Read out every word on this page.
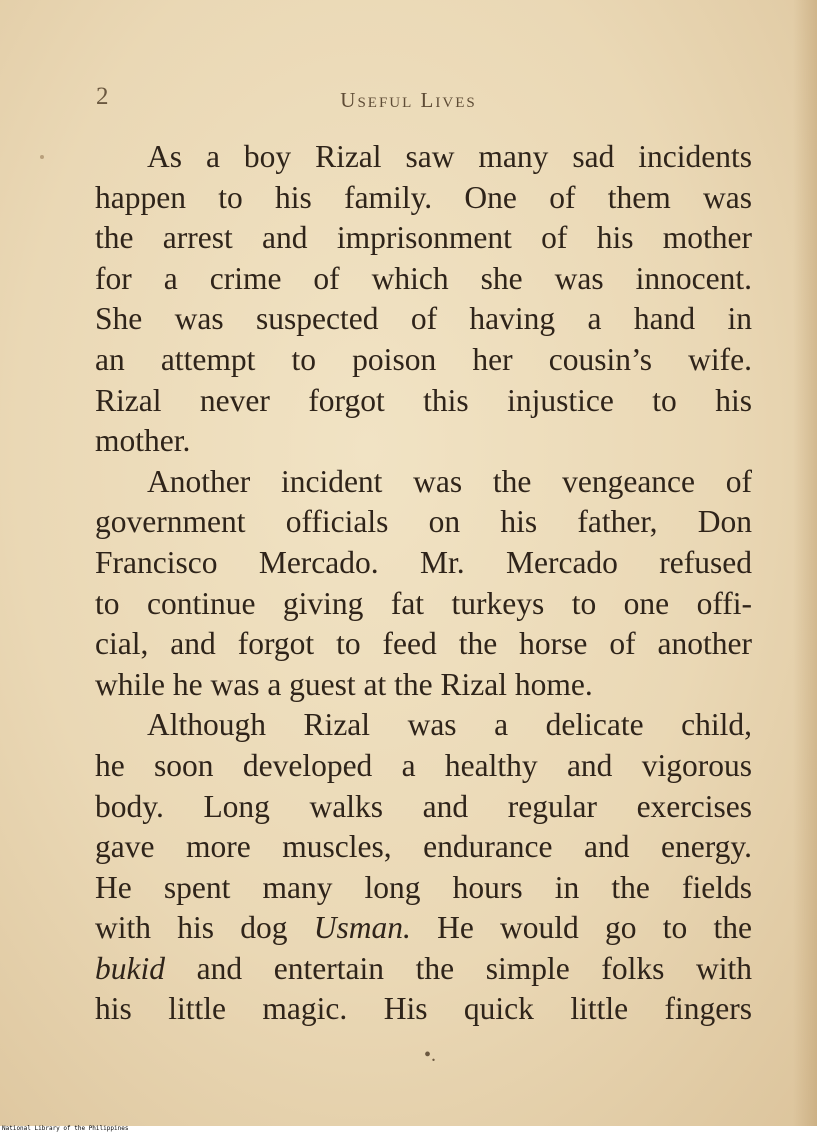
2	Useful Lives
As a boy Rizal saw many sad incidents
happen to his family. One of them was
the arrest and imprisonment of his mother
for a crime of which she was innocent.
She was suspected of having a hand in
an attempt to poison her cousin’s wife.
Rizal never forgot this injustice to his
mother.
Another incident was the vengeance of
government officials on his father, Don
Francisco Mercado. Mr. Mercado refused
to continue giving fat turkeys to one offi-
cial, and forgot to feed the horse of another
while he was a guest at the Rizal home.
Although Rizal was a delicate child,
he soon developed a healthy and vigorous
body. Long walks and regular exercises
gave more muscles, endurance and energy.
He spent many long hours in the fields
with his dog Usman. He would go to the
bukid and entertain the simple folks with
his little magic. His quick little fingers
•.
National Library of the Philippines
